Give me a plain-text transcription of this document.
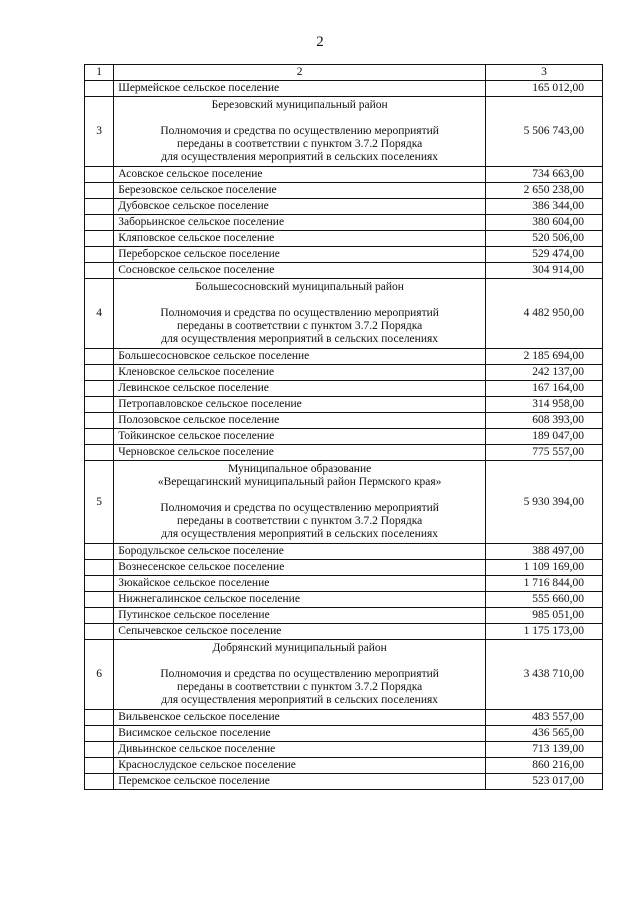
2
1	2	3
	Шермейское сельское поселение	165 012,00
3	Березовский муниципальный район
Полномочия и средства по осуществлению мероприятий
переданы в соответствии с пунктом 3.7.2 Порядка
для осуществления мероприятий в сельских поселениях	5 506 743,00
	Асовское сельское поселение	734 663,00
	Березовское сельское поселение	2 650 238,00
	Дубовское сельское поселение	386 344,00
	Заборьинское сельское поселение	380 604,00
	Кляповское сельское поселение	520 506,00
	Переборское сельское поселение	529 474,00
	Сосновское сельское поселение	304 914,00
4	Большесосновский муниципальный район
Полномочия и средства по осуществлению мероприятий
переданы в соответствии с пунктом 3.7.2 Порядка
для осуществления мероприятий в сельских поселениях	4 482 950,00
	Большесосновское сельское поселение	2 185 694,00
	Кленовское сельское поселение	242 137,00
	Левинское сельское поселение	167 164,00
	Петропавловское сельское поселение	314 958,00
	Полозовское сельское поселение	608 393,00
	Тойкинское сельское поселение	189 047,00
	Черновское сельское поселение	775 557,00
5	Муниципальное образование
«Верещагинский муниципальный район Пермского края»
Полномочия и средства по осуществлению мероприятий
переданы в соответствии с пунктом 3.7.2 Порядка
для осуществления мероприятий в сельских поселениях	5 930 394,00
	Бородульское сельское поселение	388 497,00
	Вознесенское сельское поселение	1 109 169,00
	Зюкайское сельское поселение	1 716 844,00
	Нижнегалинское сельское поселение	555 660,00
	Путинское сельское поселение	985 051,00
	Сепычевское сельское поселение	1 175 173,00
6	Добрянский муниципальный район
Полномочия и средства по осуществлению мероприятий
переданы в соответствии с пунктом 3.7.2 Порядка
для осуществления мероприятий в сельских поселениях	3 438 710,00
	Вильвенское сельское поселение	483 557,00
	Висимское сельское поселение	436 565,00
	Дивьинское сельское поселение	713 139,00
	Краснослудское сельское поселение	860 216,00
	Перемское сельское поселение	523 017,00
